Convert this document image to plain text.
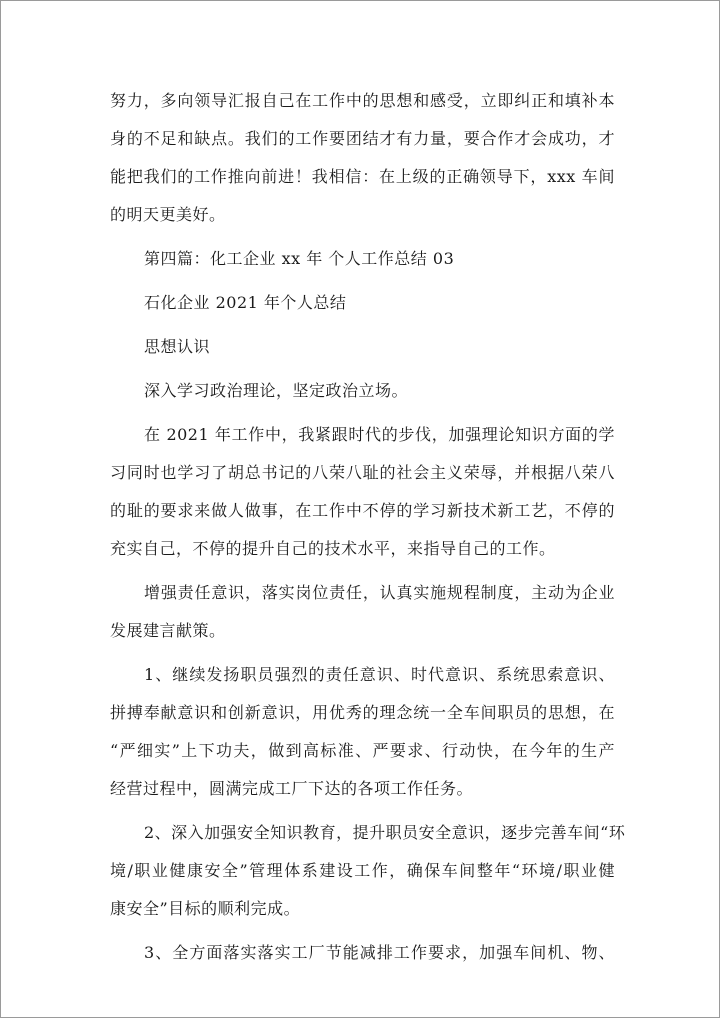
努力，多向领导汇报自己在工作中的思想和感受，立即纠正和填补本
身的不足和缺点。我们的工作要团结才有力量，要合作才会成功，才
能把我们的工作推向前进！我相信：在上级的正确领导下，xxx 车间
的明天更美好。
第四篇：化工企业 xx 年 个人工作总结 03
石化企业 2021 年个人总结
思想认识
深入学习政治理论，坚定政治立场。
在 2021 年工作中，我紧跟时代的步伐，加强理论知识方面的学
习同时也学习了胡总书记的八荣八耻的社会主义荣辱，并根据八荣八
的耻的要求来做人做事，在工作中不停的学习新技术新工艺，不停的
充实自己，不停的提升自己的技术水平，来指导自己的工作。
增强责任意识，落实岗位责任，认真实施规程制度，主动为企业
发展建言献策。
1、继续发扬职员强烈的责任意识、时代意识、系统思索意识、
拼搏奉献意识和创新意识，用优秀的理念统一全车间职员的思想，在
“严细实”上下功夫，做到高标准、严要求、行动快，在今年的生产
经营过程中，圆满完成工厂下达的各项工作任务。
2、深入加强安全知识教育，提升职员安全意识，逐步完善车间“环
境/职业健康安全”管理体系建设工作，确保车间整年“环境/职业健
康安全”目标的顺利完成。
3、全方面落实落实工厂节能减排工作要求，加强车间机、物、
